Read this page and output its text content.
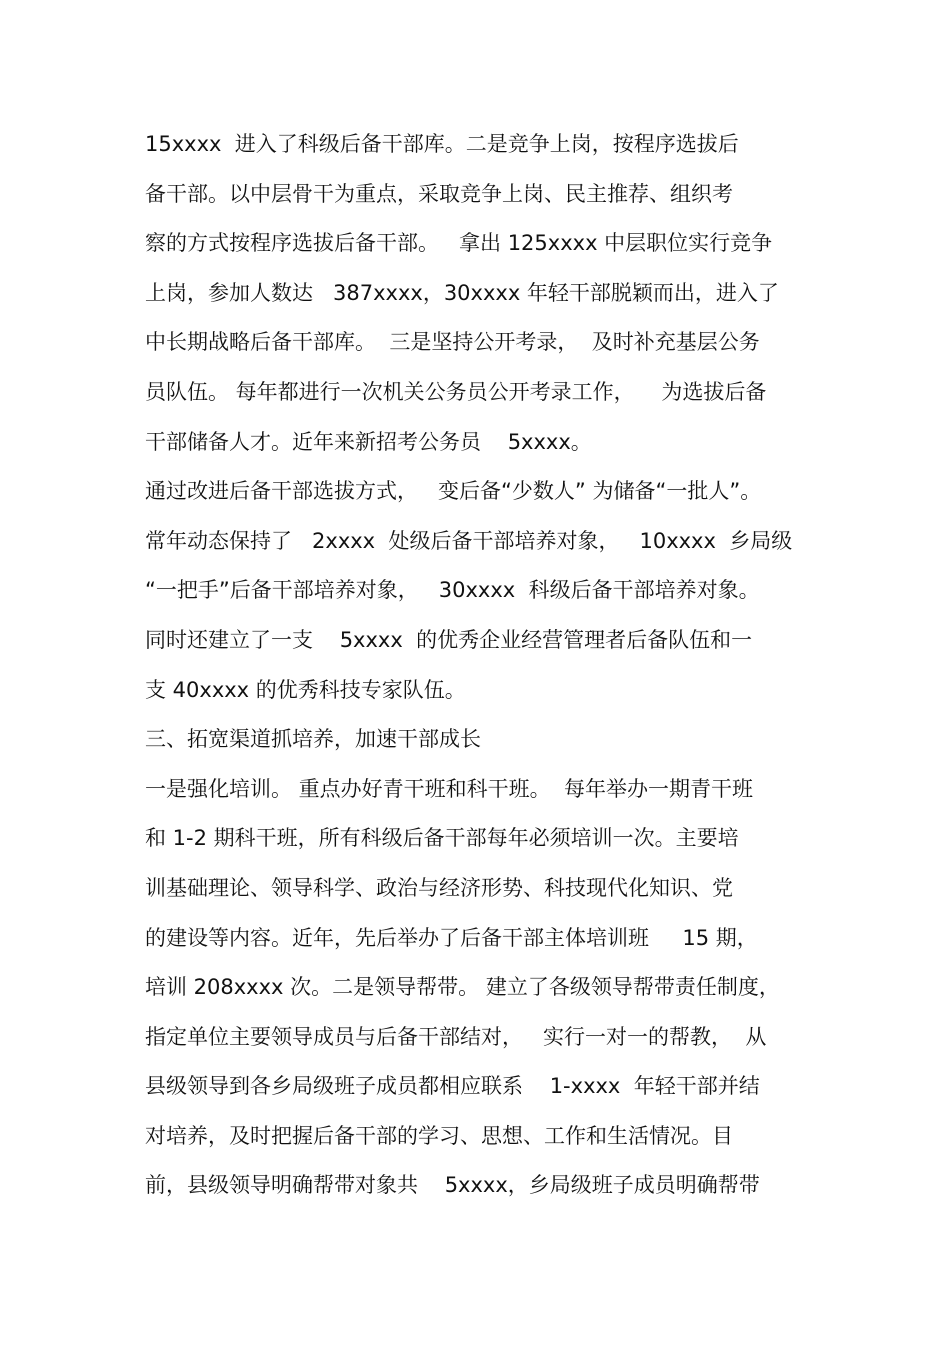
15xxxx  进入了科级后备干部库。二是竞争上岗，按程序选拔后

备干部。以中层骨干为重点，采取竞争上岗、民主推荐、组织考

察的方式按程序选拔后备干部。   拿出 125xxxx 中层职位实行竞争

上岗，参加人数达   387xxxx，30xxxx 年轻干部脱颖而出，进入了

中长期战略后备干部库。  三是坚持公开考录，  及时补充基层公务

员队伍。 每年都进行一次机关公务员公开考录工作，    为选拔后备

干部储备人才。近年来新招考公务员    5xxxx。

通过改进后备干部选拔方式，   变后备“少数人” 为储备“一批人”。

常年动态保持了   2xxxx  处级后备干部培养对象，   10xxxx  乡局级

“一把手”后备干部培养对象，   30xxxx  科级后备干部培养对象。

同时还建立了一支    5xxxx  的优秀企业经营管理者后备队伍和一

支 40xxxx 的优秀科技专家队伍。

三、拓宽渠道抓培养，加速干部成长

一是强化培训。 重点办好青干班和科干班。  每年举办一期青干班

和 1-2 期科干班，所有科级后备干部每年必须培训一次。主要培

训基础理论、领导科学、政治与经济形势、科技现代化知识、党

的建设等内容。近年，先后举办了后备干部主体培训班     15 期，

培训 208xxxx 次。二是领导帮带。 建立了各级领导帮带责任制度，

指定单位主要领导成员与后备干部结对，   实行一对一的帮教，  从

县级领导到各乡局级班子成员都相应联系    1-xxxx  年轻干部并结

对培养，及时把握后备干部的学习、思想、工作和生活情况。目

前，县级领导明确帮带对象共    5xxxx，乡局级班子成员明确帮带
